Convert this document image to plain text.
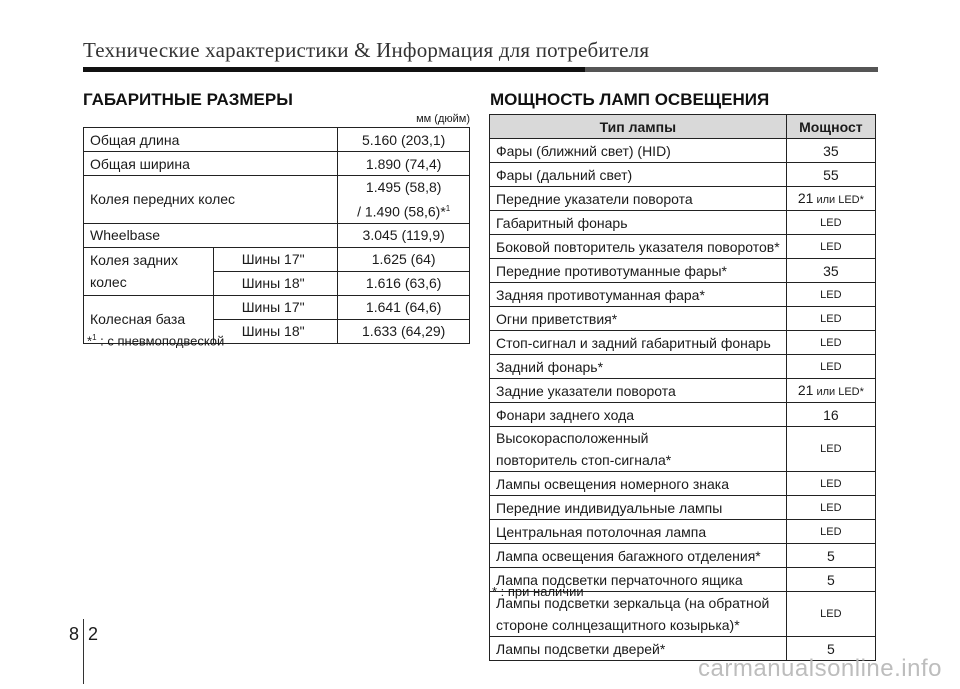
Технические характеристики & Информация для потребителя
ГАБАРИТНЫЕ РАЗМЕРЫ
мм (дюйм)
Общая длина		5.160 (203,1)
Общая ширина		1.890 (74,4)
Колея передних колес		1.495 (58,8)
/ 1.490 (58,6)*$^1$

Wheelbase		3.045 (119,9)

Колея задних
колес	Шины 17"	1.625 (64)
	Шины 18"	1.616 (63,6)
Колесная база	Шины 17"	1.641 (64,6)
	Шины 18"	1.633 (64,29)
*$^1$ : с пневмоподвеской
МОЩНОСТЬ ЛАМП ОСВЕЩЕНИЯ
Тип лампы	Мощност
Фары (ближний свет) (HID)	35
Фары (дальний свет)	55
Передние указатели поворота	21 или LED*
Габаритный фонарь	LED
Боковой повторитель указателя поворотов*	LED
Передние противотуманные фары*	35
Задняя противотуманная фара*	LED
Огни приветствия*	LED
Стоп-сигнал и задний габаритный фонарь	LED
Задний фонарь*	LED
Задние указатели поворота	21 или LED*
Фонари заднего хода	16

Высокорасположенный
повторитель стоп-сигнала*	LED
Лампы освещения номерного знака	LED
Передние индивидуальные лампы	LED
Центральная потолочная лампа	LED
Лампа освещения багажного отделения*	5
Лампа подсветки перчаточного ящика	5

Лампы подсветки зеркальца (на обратной
стороне солнцезащитного козырька)*	LED
Лампы подсветки дверей*	5
* : при наличии
8 2
carmanualsonline.info
